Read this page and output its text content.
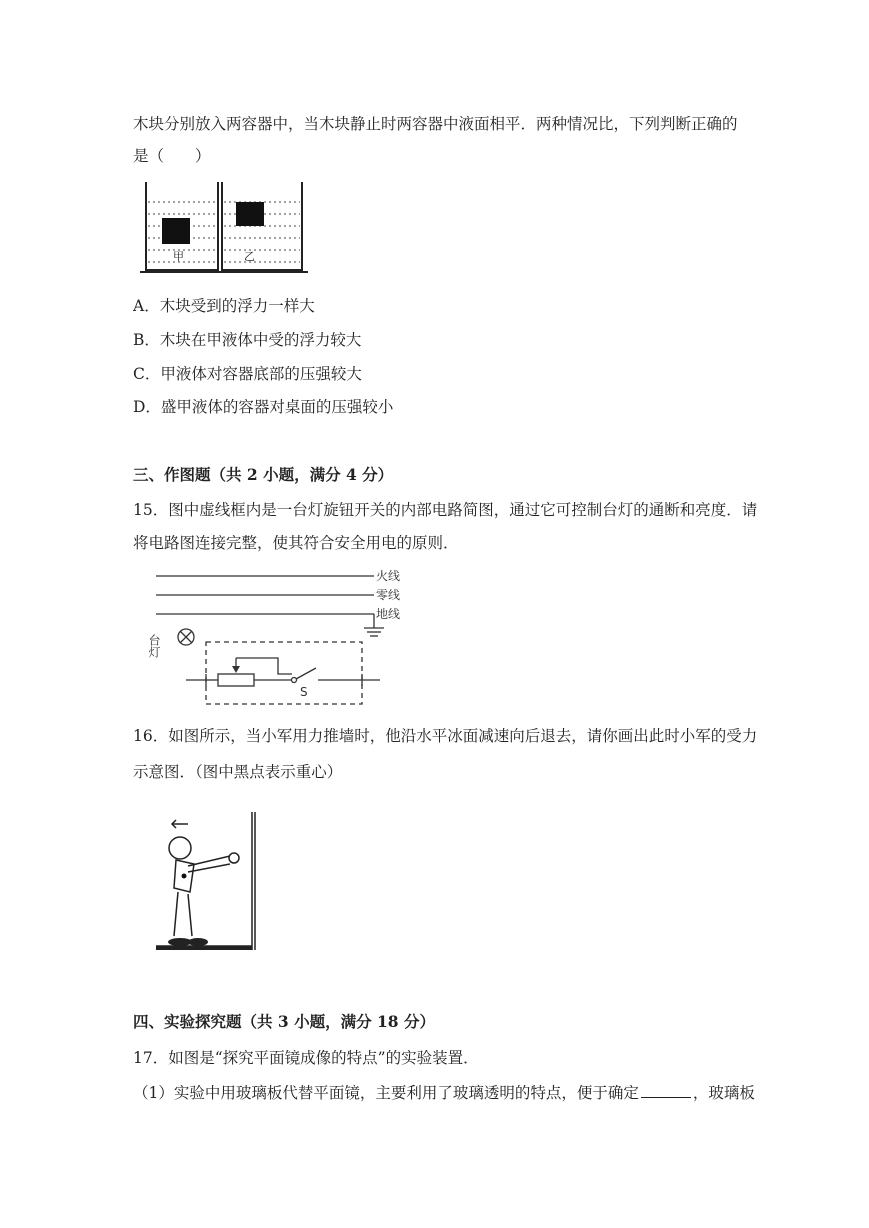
木块分别放入两容器中，当木块静止时两容器中液面相平．两种情况比，下列判断正确的
是（　　）
甲	乙
A．木块受到的浮力一样大
B．木块在甲液体中受的浮力较大
C．甲液体对容器底部的压强较大
D．盛甲液体的容器对桌面的压强较小
三、作图题（共 2 小题，满分 4 分）
15．图中虚线框内是一台灯旋钮开关的内部电路简图，通过它可控制台灯的通断和亮度．请
将电路图连接完整，使其符合安全用电的原则．
火线
零线
地线
台灯
S
16．如图所示，当小军用力推墙时，他沿水平冰面减速向后退去，请你画出此时小军的受力
示意图．（图中黑点表示重心）
四、实验探究题（共 3 小题，满分 18 分）
17．如图是“探究平面镜成像的特点”的实验装置．
（1）实验中用玻璃板代替平面镜，主要利用了玻璃透明的特点，便于确定	，玻璃板
